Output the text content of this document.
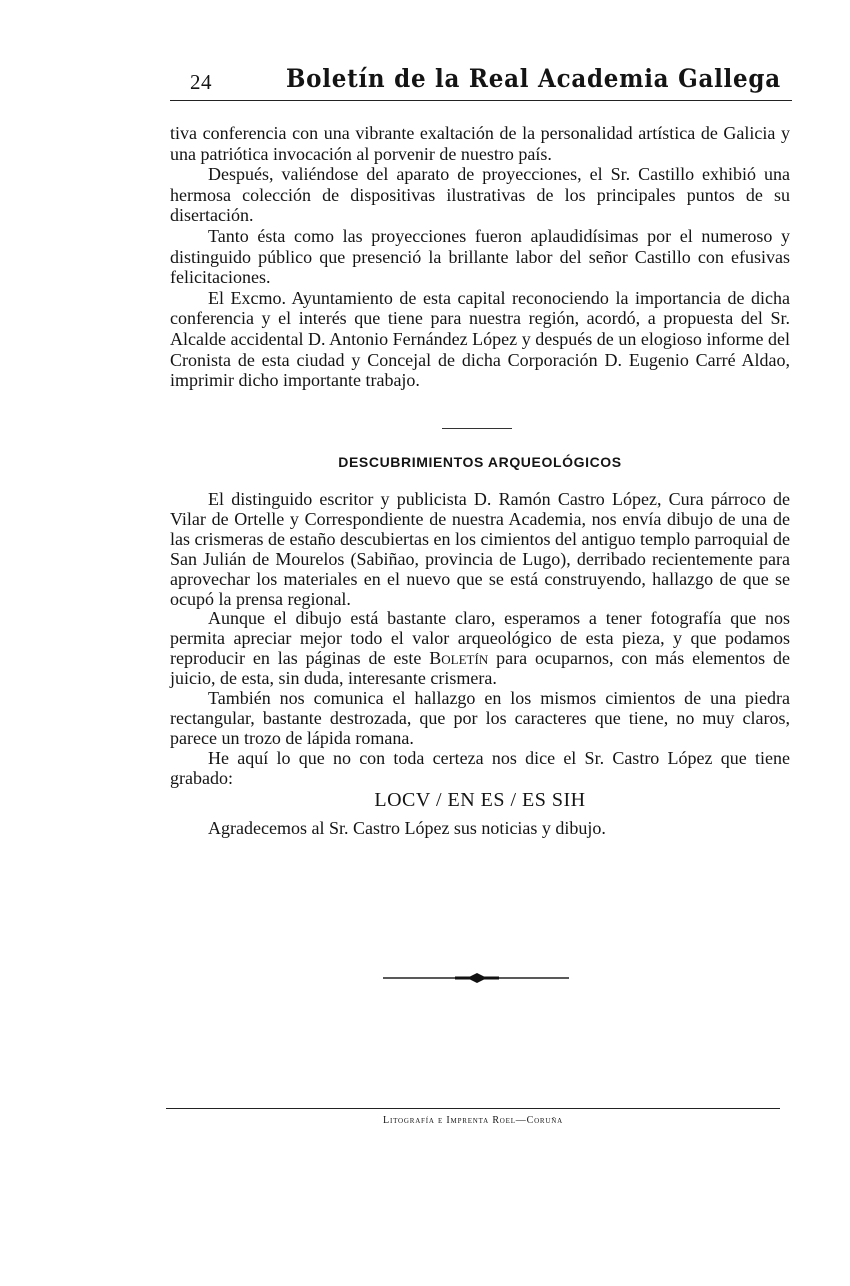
24	Boletín de la Real Academia Gallega

tiva conferencia con una vibrante exaltación de la personalidad artística de Galicia y una patriótica invocación al porvenir de nuestro país.

Después, valiéndose del aparato de proyecciones, el Sr. Castillo exhibió una hermosa colección de dispositivas ilustrativas de los principales puntos de su disertación.

Tanto ésta como las proyecciones fueron aplaudidísimas por el numeroso y distinguido público que presenció la brillante labor del señor Castillo con efusivas felicitaciones.

El Excmo. Ayuntamiento de esta capital reconociendo la importancia de dicha conferencia y el interés que tiene para nuestra región, acordó, a propuesta del Sr. Alcalde accidental D. Antonio Fernández López y después de un elogioso informe del Cronista de esta ciudad y Concejal de dicha Corporación D. Eugenio Carré Aldao, imprimir dicho importante trabajo.

DESCUBRIMIENTOS ARQUEOLÓGICOS

El distinguido escritor y publicista D. Ramón Castro López, Cura párroco de Vilar de Ortelle y Correspondiente de nuestra Academia, nos envía dibujo de una de las crismeras de estaño descubiertas en los cimientos del antiguo templo parroquial de San Julián de Mourelos (Sabiñao, provincia de Lugo), derribado recientemente para aprovechar los materiales en el nuevo que se está construyendo, hallazgo de que se ocupó la prensa regional.

Aunque el dibujo está bastante claro, esperamos a tener fotografía que nos permita apreciar mejor todo el valor arqueológico de esta pieza, y que podamos reproducir en las páginas de este Boletín para ocuparnos, con más elementos de juicio, de esta, sin duda, interesante crismera.

También nos comunica el hallazgo en los mismos cimientos de una piedra rectangular, bastante destrozada, que por los caracteres que tiene, no muy claros, parece un trozo de lápida romana.

He aquí lo que no con toda certeza nos dice el Sr. Castro López que tiene grabado:

LOCV / EN ES / ES SIH

Agradecemos al Sr. Castro López sus noticias y dibujo.

Litografía e Imprenta Roel—Coruña
